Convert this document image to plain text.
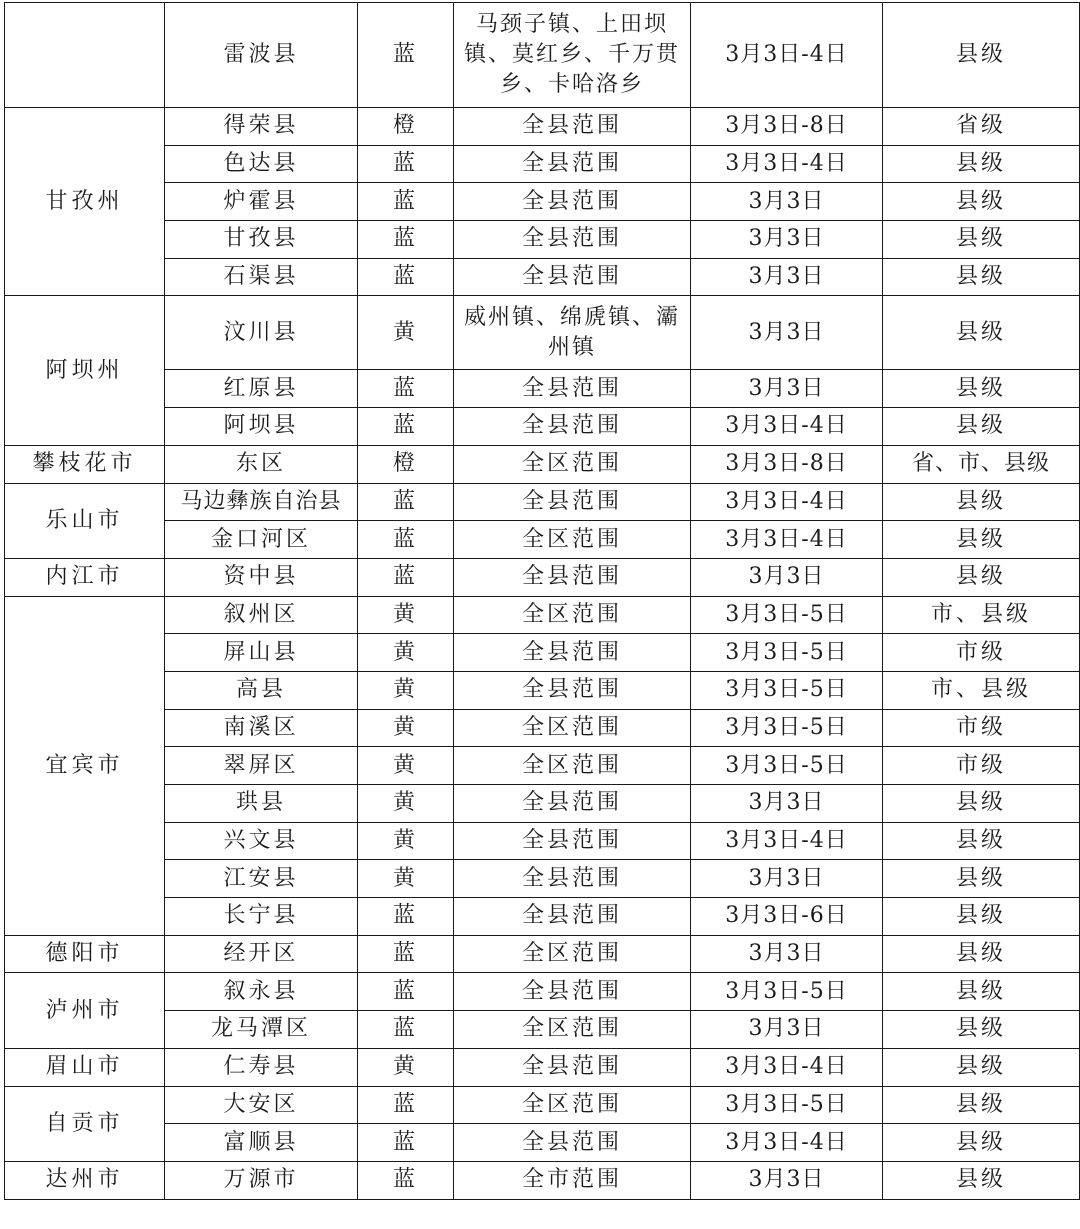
	雷波县	蓝	马颈子镇、上田坝镇、莫红乡、千万贯乡、卡哈洛乡	3月3日-4日	县级
甘孜州	得荣县	橙	全县范围	3月3日-8日	省级
	色达县	蓝	全县范围	3月3日-4日	县级
	炉霍县	蓝	全县范围	3月3日	县级
	甘孜县	蓝	全县范围	3月3日	县级
	石渠县	蓝	全县范围	3月3日	县级
阿坝州	汶川县	黄	威州镇、绵虒镇、灞州镇	3月3日	县级
	红原县	蓝	全县范围	3月3日	县级
	阿坝县	蓝	全县范围	3月3日-4日	县级
攀枝花市	东区	橙	全区范围	3月3日-8日	省、市、县级
乐山市	马边彝族自治县	蓝	全县范围	3月3日-4日	县级
	金口河区	蓝	全区范围	3月3日-4日	县级
内江市	资中县	蓝	全县范围	3月3日	县级
宜宾市	叙州区	黄	全区范围	3月3日-5日	市、县级
	屏山县	黄	全县范围	3月3日-5日	市级
	高县	黄	全县范围	3月3日-5日	市、县级
	南溪区	黄	全区范围	3月3日-5日	市级
	翠屏区	黄	全区范围	3月3日-5日	市级
	珙县	黄	全县范围	3月3日	县级
	兴文县	黄	全县范围	3月3日-4日	县级
	江安县	黄	全县范围	3月3日	县级
	长宁县	蓝	全县范围	3月3日-6日	县级
德阳市	经开区	蓝	全区范围	3月3日	县级
泸州市	叙永县	蓝	全县范围	3月3日-5日	县级
	龙马潭区	蓝	全区范围	3月3日	县级
眉山市	仁寿县	黄	全县范围	3月3日-4日	县级
自贡市	大安区	蓝	全区范围	3月3日-5日	县级
	富顺县	蓝	全县范围	3月3日-4日	县级
达州市	万源市	蓝	全市范围	3月3日	县级
